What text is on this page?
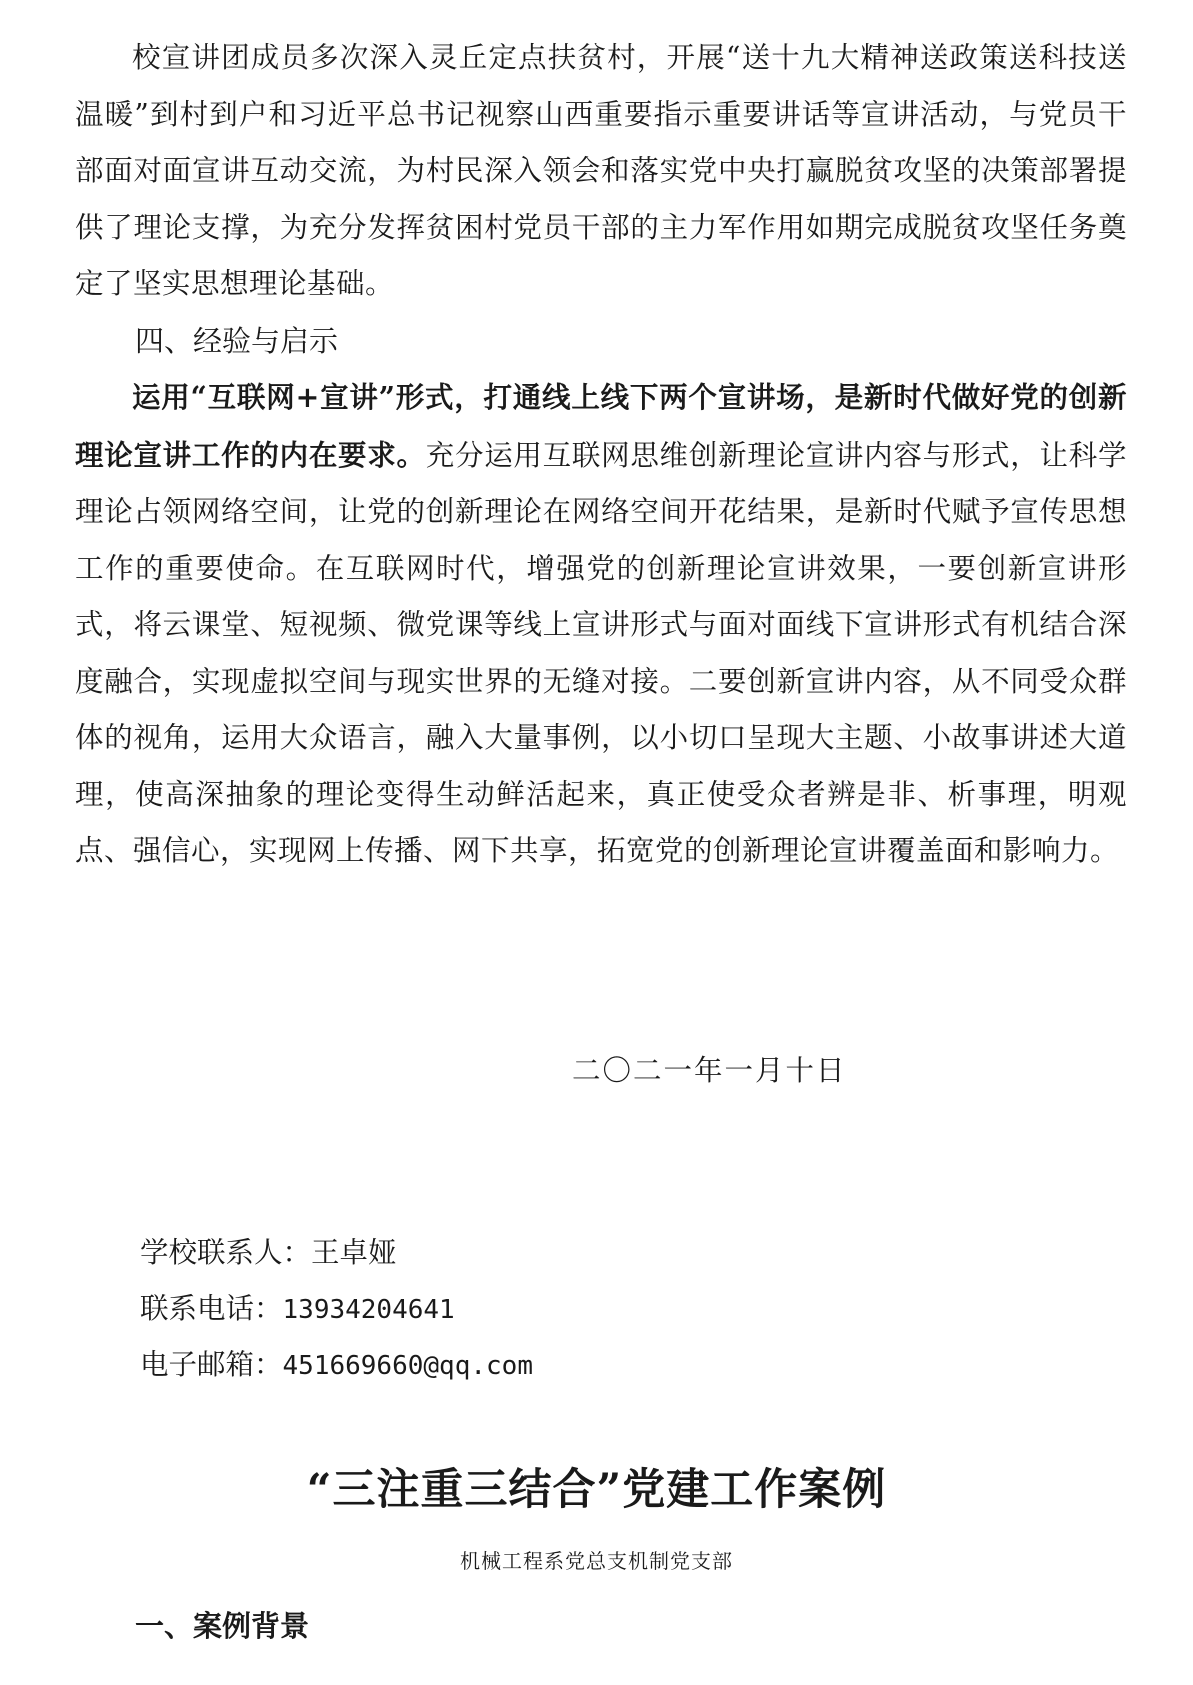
校宣讲团成员多次深入灵丘定点扶贫村，开展“送十九大精神送政策送科技送温暖”到村到户和习近平总书记视察山西重要指示重要讲话等宣讲活动，与党员干部面对面宣讲互动交流，为村民深入领会和落实党中央打赢脱贫攻坚的决策部署提供了理论支撑，为充分发挥贫困村党员干部的主力军作用如期完成脱贫攻坚任务奠定了坚实思想理论基础。

四、经验与启示

运用“互联网+宣讲”形式，打通线上线下两个宣讲场，是新时代做好党的创新理论宣讲工作的内在要求。充分运用互联网思维创新理论宣讲内容与形式，让科学理论占领网络空间，让党的创新理论在网络空间开花结果，是新时代赋予宣传思想工作的重要使命。在互联网时代，增强党的创新理论宣讲效果，一要创新宣讲形式，将云课堂、短视频、微党课等线上宣讲形式与面对面线下宣讲形式有机结合深度融合，实现虚拟空间与现实世界的无缝对接。二要创新宣讲内容，从不同受众群体的视角，运用大众语言，融入大量事例，以小切口呈现大主题、小故事讲述大道理，使高深抽象的理论变得生动鲜活起来，真正使受众者辨是非、析事理，明观点、强信心，实现网上传播、网下共享，拓宽党的创新理论宣讲覆盖面和影响力。

二〇二一年一月十日

学校联系人：王卓娅

联系电话：13934204641

电子邮箱：451669660@qq.com

“三注重三结合”党建工作案例

机械工程系党总支机制党支部

一、案例背景
